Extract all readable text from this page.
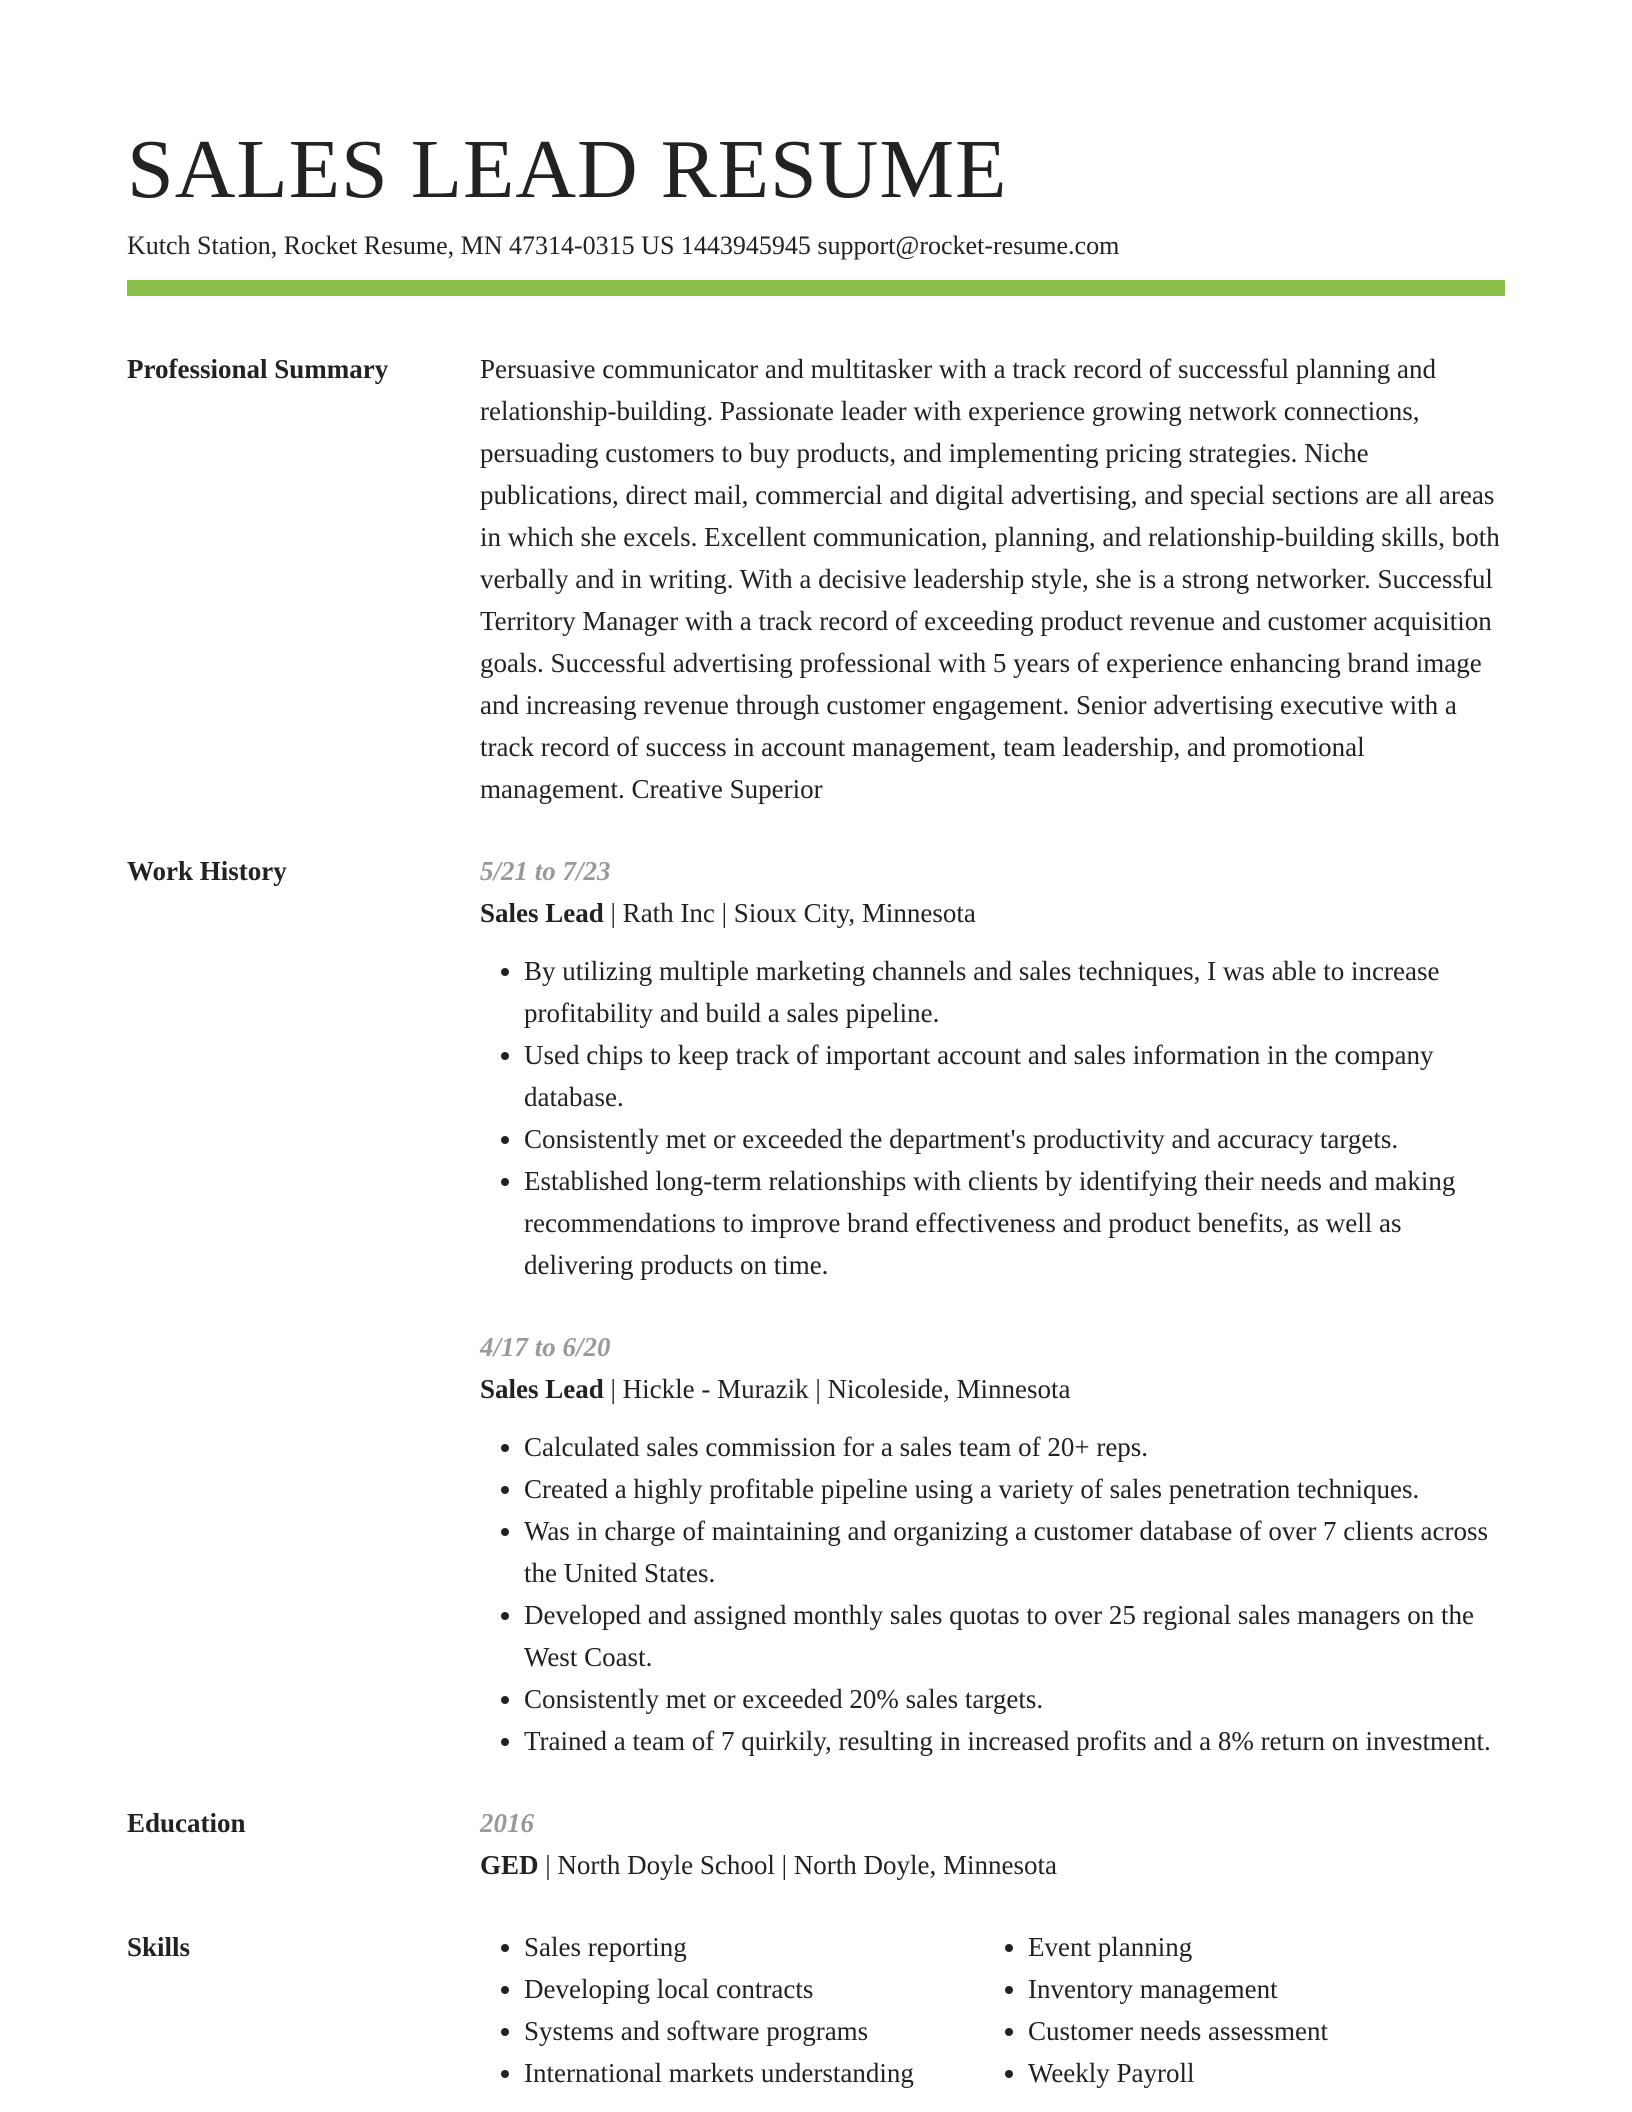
SALES LEAD RESUME
Kutch Station, Rocket Resume, MN 47314-0315 US 1443945945 support@rocket-resume.com
Professional Summary	Persuasive communicator and multitasker with a track record of successful planning and relationship-building. Passionate leader with experience growing network connections, persuading customers to buy products, and implementing pricing strategies. Niche publications, direct mail, commercial and digital advertising, and special sections are all areas in which she excels. Excellent communication, planning, and relationship-building skills, both verbally and in writing. With a decisive leadership style, she is a strong networker. Successful Territory Manager with a track record of exceeding product revenue and customer acquisition goals. Successful advertising professional with 5 years of experience enhancing brand image and increasing revenue through customer engagement. Senior advertising executive with a track record of success in account management, team leadership, and promotional management. Creative Superior

Work History	5/21 to 7/23
Sales Lead | Rath Inc | Sioux City, Minnesota
• By utilizing multiple marketing channels and sales techniques, I was able to increase profitability and build a sales pipeline.
• Used chips to keep track of important account and sales information in the company database.
• Consistently met or exceeded the department's productivity and accuracy targets.
• Established long-term relationships with clients by identifying their needs and making recommendations to improve brand effectiveness and product benefits, as well as delivering products on time.
4/17 to 6/20
Sales Lead | Hickle - Murazik | Nicoleside, Minnesota
• Calculated sales commission for a sales team of 20+ reps.
• Created a highly profitable pipeline using a variety of sales penetration techniques.
• Was in charge of maintaining and organizing a customer database of over 7 clients across the United States.
• Developed and assigned monthly sales quotas to over 25 regional sales managers on the West Coast.
• Consistently met or exceeded 20% sales targets.
• Trained a team of 7 quirkily, resulting in increased profits and a 8% return on investment.
Education	2016
GED | North Doyle School | North Doyle, Minnesota
Skills
•	Sales reporting
• Developing local contracts
• Systems and software programs
• International markets understanding
• Event planning
• Inventory management
• Customer needs assessment
• Weekly Payroll
